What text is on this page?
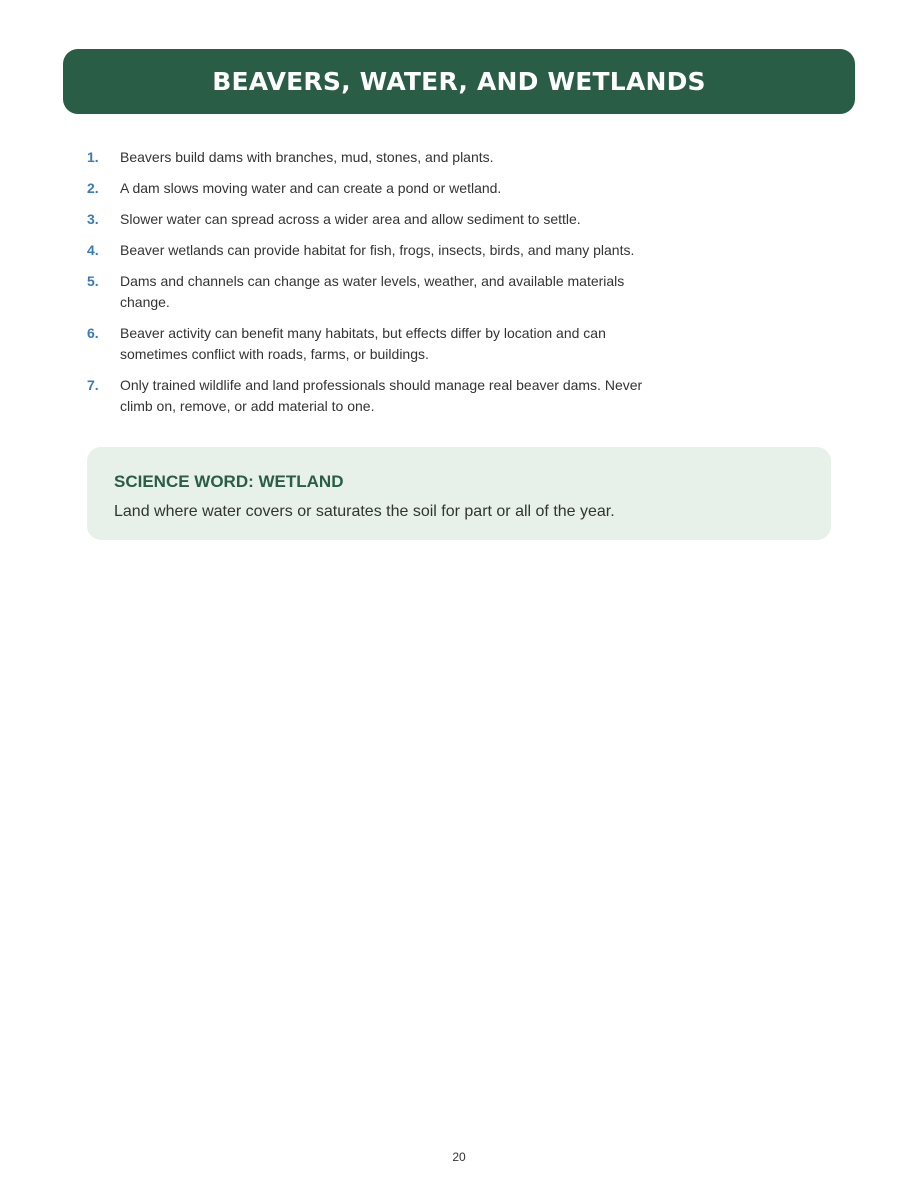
BEAVERS, WATER, AND WETLANDS
1. Beavers build dams with branches, mud, stones, and plants.
2. A dam slows moving water and can create a pond or wetland.
3. Slower water can spread across a wider area and allow sediment to settle.
4. Beaver wetlands can provide habitat for fish, frogs, insects, birds, and many plants.
5. Dams and channels can change as water levels, weather, and available materials change.
6. Beaver activity can benefit many habitats, but effects differ by location and can sometimes conflict with roads, farms, or buildings.
7. Only trained wildlife and land professionals should manage real beaver dams. Never climb on, remove, or add material to one.

SCIENCE WORD: WETLAND

Land where water covers or saturates the soil for part or all of the year.

20
